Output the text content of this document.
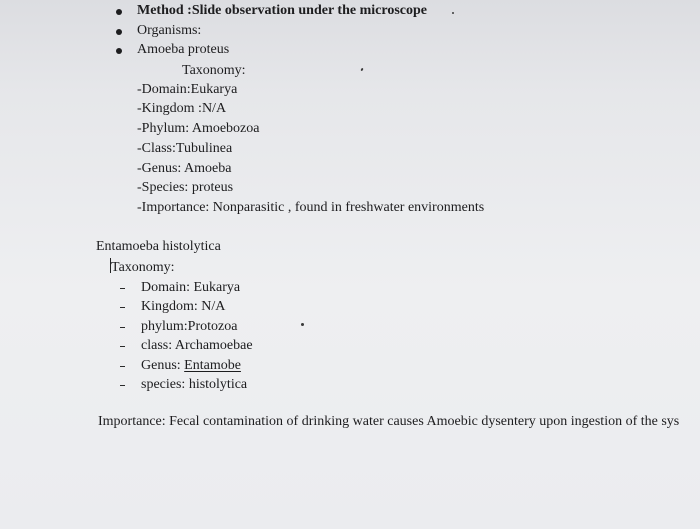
Method :Slide observation under the microscope
Organisms:
Amoeba proteus
Taxonomy:
-Domain:Eukarya
-Kingdom :N/A
-Phylum: Amoebozoa
-Class:Tubulinea
-Genus: Amoeba
-Species: proteus
-Importance: Nonparasitic , found in freshwater environments
Entamoeba histolytica
Taxonomy:
Domain: Eukarya
Kingdom: N/A
phylum:Protozoa
class: Archamoebae
Genus: Entamobe
species: histolytica
Importance: Fecal contamination of drinking water causes Amoebic dysentery upon ingestion of the sys
